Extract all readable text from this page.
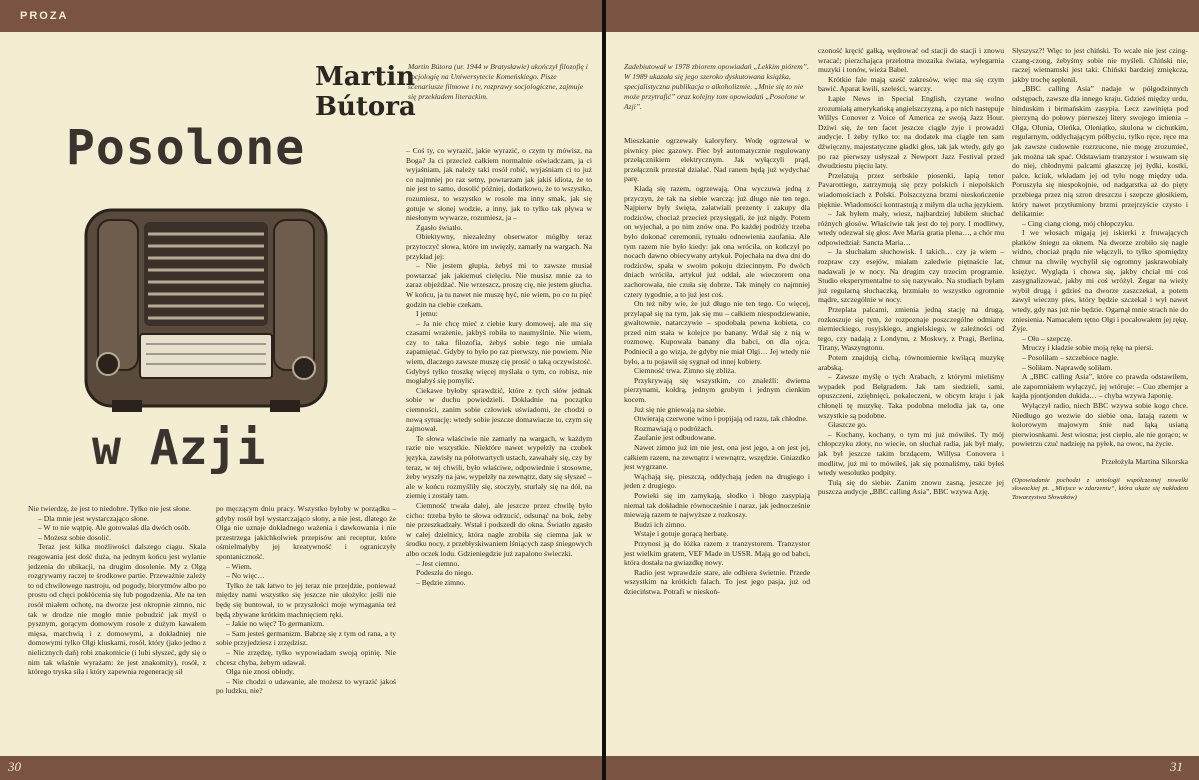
PROZA
Martin
Bútora
Martin Bútora (ur. 1944 w Bratysławie) ukończył filozofię i socjologię na Uniwersytecie Komeńskiego. Pisze scenariusze filmowe i tv, rozprawy socjologiczne, zajmuje się przekładem literackim.
Posolone
w Azji

Nie twierdzę, że jest to niedobre. Tylko nie jest słone.

– Dla mnie jest wystarczająco słone.

– W to nie wątpię. Ale gotowałaś dla dwóch osób.

– Możesz sobie dosolić.

Teraz jest kilka możliwości dalszego ciągu. Skala reagowania jest dość duża, na jednym końcu jest wylanie jedzenia do ubikacji, na drugim dosolenie. My z Olgą rozgrywamy raczej te środkowe partie. Przeważnie zależy to od chwilowego nastroju, od pogody, biorytmów albo po prostu od chęci pokłócenia się lub pogodzenia. Ale na ten rosół miałem ochotę, na dworze jest okropnie zimno, nic tak w drodze nie mogło mnie pobudzić jak myśl o pysznym, gorącym domowym rosole z dużym kawałem mięsa, marchwią i z domowymi, a dokładniej nie domowymi tylko Olgi kluskami, rosół, który (jako jedno z nielicznych dań) robi znakomicie (i lubi słyszeć, gdy się o nim tak właśnie wyrażam: że jest znakomity), rosół, z którego tryska siła i który zapewnia regenerację sił

po męczącym dniu pracy. Wszystko byłoby w porządku – gdyby rosół był wystarczająco słony, a nie jest, dlatego że Olga nie uznaje dokładnego ważenia i dawkowania i nie przestrzega jakichkolwiek przepisów ani receptur, które ośmielmałyby jej kreatywność i ograniczyły spontaniczność.

– Wiem.

– No więc…

Tylko że tak łatwo to jej teraz nie przejdzie, ponieważ między nami wszystko się jeszcze nie ułożyło: jeśli nie będę się buntował, to w przyszłości moje wymagania też będą zbywane krótkim machnięciem ręki.

– Jakie no więc? To germanizm.

– Sam jesteś germanizm. Babrzę się z tym od rana, a ty sobie przyjedziesz i zrzędzisz.

– Nie zrzędzę, tylko wypowiadam swoją opinię. Nie chcesz chyba, żebym udawał.

Olga nie znosi obłudy.

– Nie chodzi o udawanie, ale możesz to wyrazić jakoś po ludzku, nie?

– Coś ty, co wyrazić, jakie wyrazić, o czym ty mówisz, na Boga? Ja ci przecież całkiem normalnie oświadczam, ja ci wyjaśniam, jak należy taki rosół robić, wyjaśniam ci to już co najmniej po raz setny, powtarzam jak jakiś idiota, że to nie jest to samo, dosolić później, dodatkowo, że to wszystko, rozumiesz, to wszystko w rosole ma inny smak, jak się gotuje w słonej wodzie, a inny, jak to tylko tak pływa w niesłonym wywarze, rozumiesz, ja –

Zgasło światło.

Obiektywny, niezależny obserwator mógłby teraz przytoczyć słowa, które im uwięzły, zamarły na wargach. Na przykład jej:

– Nie jestem głupia, żebyś mi to zawsze musiał powtarzać jak jakiemuś cielęciu. Nie musisz mnie za to zaraz objeżdżać. Nie wrzeszcz, proszę cię, nie jestem głucha. W końcu, ja tu nawet nie muszę być, nie wiem, po co tu pięć godzin na ciebie czekam.

I jemu:

– Ja nie chcę mieć z ciebie kury domowej, ale ma się czasami wrażenie, jakbyś robiła to naumyślnie. Nie wiem, czy to taka filozofia, żebyś sobie tego nie umiała zapamiętać. Gdyby to było po raz pierwszy, nie powiem. Nie wiem, dlaczego zawsze muszę cię prosić o taką oczywistość. Gdybyś tylko troszkę więcej myślała o tym, co robisz, nie mogłabyś się pomylić.

Ciekawe byłoby sprawdzić, które z tych słów jednak sobie w duchu powiedzieli. Dokładnie na początku ciemności, zanim sobie człowiek uświadomi, że chodzi o nową sytuację: wtedy sobie jeszcze domawiacze to, czym się zajmował.

Te słowa właściwie nie zamarły na wargach, w każdym razie nie wszystkie. Niektóre nawet wypełzły na czubek języka, zawisły na półotwartych ustach, zawahały się, czy by teraz, w tej chwili, było właściwe, odpowiednie i stosowne, żeby wyszły na jaw, wypełzły na zewnątrz, daty się słyszeć – ale w końcu rozmyśliły się, stoczyły, sturlały się na dół, na ziemię i zostały tam.

Ciemność trwała dalej, ale jeszcze przez chwilę było cicho: trzeba było te słowa odrzucić, odsunąć na bok, żeby nie przeszkadzały. Wstał i podszedł do okna. Światło zgasło w całej dzielnicy, która nagle zrobiła się ciemna jak w środku nocy, z przebłyskiwaniem lśniących zasp śniegowych albo oczek lodu. Gdzieniegdzie już zapalono świeczki.

– Jest ciemno.

Podeszła do niego.

– Będzie zimno.

30
Zadebiutował w 1978 zbiorem opowiadań „Lekkim piórem”. W 1989 ukazała się jego szeroko dyskutowana książka, specjalistyczna publikacja o alkoholizmie. „Mnie się to nie może przytrafić” oraz kolejny tom opowiadań „Posolone w Azji”.

Mieszkanie ogrzewały kaloryfery. Wodę ogrzewał w piwnicy piec gazowy. Piec był automatycznie regulowany przełącznikiem elektrycznym. Jak wyłączyli prąd, przełącznik przestał działać. Nad ranem będą już wydychać parę.

Kładą się razem, ogrzewają. Ona wyczuwa jedną z przyczyn, że tak na siebie warczą: już długo nie ten tego. Najpierw były święta, załatwiali prezenty i zakupy dla rodziców, chociaż przecież przysięgali, że już nigdy. Potem on wyjechał, a po nim znów ona. Po każdej podróży trzeba było dokonać ceremonii, rytuału odnowienia zaufania. Ale tym razem nie było kiedy: jak ona wróciła, on kończył po nocach dawno obiecywany artykuł. Pojechała na dwa dni do rodziców, spała w swoim pokoju dziecinnym. Po dwóch dniach wróciła, artykuł już oddał, ale wieczorem ona zachorowała, nie czuła się dobrze. Tak minęły co najmniej cztery tygodnie, a to już jest coś.

On też niby wie, że już długo nie ten tego. Co więcej, przylapał się na tym, jak się mu – całkiem niespodziewanie, gwałtownie, natarczywie – spodobała pewna kobieta, co przed nim stała w kolejce po banany. Wdał się z nią w rozmowę. Kupowała banany dla babci, on dla ojca. Podniecił a go wizja, że gdyby nie miał Olgi… Jej wtedy nie było, a tu pojawił się sygnał od innej kobiety.

Ciemność trwa. Zimno się zbliża.

Przykrywają się wszystkim, co znaleźli: dwiema pierzynami, kołdrą, jednym grubym i jednym cienkim kocem.

Już się nie gniewają na siebie.

Otwierają czerwone wino i popijają od razu, tak chłodne.

Rozmawiają o podróżach.

Zaufanie jest odbudowane.

Nawet zimno już im nie jest, ona jest jego, a on jest jej, całkiem razem, na zewnątrz i wewnątrz, wszędzie. Gniazdko jest wygrzane.

Wąchają się, pieszczą, oddychają jeden na drugiego i jeden z drugiego.

Powieki się im zamykają, słodko i błogo zasypiają niemal tak dokładnie równocześnie i naraz, jak jednocześnie miewają razem te najwyższe z rozkoszy.

Budzi ich zimno.

Wstaje i gotuje gorącą herbatę.

Przynosi ją do łóżka razem z tranzystorem. Tranzystor jest wielkim gratem, VEF Made in USSR. Mają go od babci, która dostała na gwiazdkę nowy.

Radio jest wprawdzie stare, ale odbiera świetnie. Przede wszystkim na krótkich falach. To jest jego pasja, już od dzieciństwa. Potrafi w nieskoń-

czoność kręcić gałką, wędrować od stacji do stacji i znowu wracać; pierzchająca przelotna mozaika świata, wyłegarnia muzyki i tonów, wieża Babel.

Krótkie fale mają sześć zakresów, więc ma się czym bawić. Aparat kwili, szeleści, warczy.

Łapie News in Special English, czytane wolno zrozumiałą amerykańską angielszczyzną, a po nich następuje Willys Conover z Voice of America ze swoją Jazz Hour. Dziwi się, że ten facet jeszcze ciągle żyje i prowadzi audycje. I żeby tylko to: na dodatek ma ciągle ten sam dźwięczny, majestatyczne gładki głos, tak jak wtedy, gdy go po raz pierwszy usłyszał z Newport Jazz Festival przed dwudziestu pięciu laty.

Przelatują przez serbskie piosenki, łapią tenor Pavarottiego, zatrzymują się przy polskich i niepolskich wiadomościach z Polski. Polszczyzna brzmi nieskończenie pięknie. Wiadomości kontrastują z miłym dla ucha językiem.

– Jak byłem mały, wiesz, najbardziej lubiłem słuchać różnych głosów. Właściwie tak jest do tej pory. I modlitwy, wtedy odezwał się głos: Ave Maria gratia plena…, a chór mu odpowiedział: Sancta Maria…

– Ja słuchałam słuchowisk. I takich… czy ja wiem – rozpraw czy esejów, miałam zaledwie piętnaście lat, nadawali je w nocy. Na drugim czy trzecim programie. Studio eksperymentalne to się nazywało. Na studiach byłam już regularną słuchaczką, brzmiało to wszystko ogromnie mądre, szczególnie w nocy.

Przeplata palcami, zmienia jedną stację na drugą, rozkoszuje się tym, że rozpoznaje poszczególne odmiany niemieckiego, rosyjskiego, angielskiego, w zależności od tego, czy nadają z Londynu, z Moskwy, z Pragi, Berlina, Tirany, Waszyngtonu.

Potem znajdują cichą, równomiernie kwilącą muzykę arabską.

– Zawsze myślę o tych Arabach, z którymi mieliśmy wypadek pod Belgradem. Jak tam siedzieli, sami, opuszczeni, zziębnięci, pokaleczeni, w obcym kraju i jak chłonęli tę muzykę. Taka podobna melodia jak ta, one wszystkie są podobne.

Głaszcze go.

– Kochany, kochany, o tym mi już mówiłeś. Ty mój chłopczyku złoty, no wiecie, on słuchał radia, jak był mały, jak był jeszcze takim brzdącem, Willysa Conovera i modlitw, już mi to mówiłeś, jak się poznaliśmy, taki byłeś wtedy wesolutko podpity.

Tulą się do siebie. Zanim znowu zasną, jeszcze jej puszcza audycje „BBC calling Asia”, BBC wzywa Azję.

Słyszysz?! Więc to jest chiński. To wcale nie jest czing-czang-czong, żebyśmy sobie nie myśleli. Chiński nie, raczej wietnamski jest taki. Chiński bardziej zmiękcza, jakby trochę seplenił.

„BBC calling Asia” nadaje w półgodzinnych odstępach, zawsze dla innego kraju. Gdzieś między urdu, hinduskim i birmańskim zasypia. Lecz zawinięta pod pierzyną do połowy pierwszej litery swojego imienia – Olga, Olunia, Oleńka, Oleniątko, skulona w cichutkim, regularnym, oddychającym półbyciu, tylko ręce, ręce ma jak zawsze cudownie rozrzucone, nie mogę zrozumieć, jak można tak spać. Odstawiam tranzystor i wsuwam się do niej, chłodnymi palcami głaszczę jej łydki, kostki, palce, kciuk, wkładam jej od tyłu nogę między uda. Poruszyła się niespokojnie, od nadgarstka aż do pięty przebiega przez nią szron dreszczu i szepcze głosikiem, który nawet przytłumiony brzmi przejrzyście czysto i delikatnie:

– Cing ciang ciong, mój chłopczyku.

I we włosach migają jej iskierki z fruwających płatków śniegu za oknem. Na dworze zrobiło się nagle widno, chociaż prądu nie włączyli, to tylko spomiędzy chmur na chwilę wychylił się ogromny jaskrawobiały księżyc. Wygląda i chowa się, jakby chciał mi coś zasygnalizować, jakby mi coś wróżył. Żegar na wieży wybił drugą i gdzieś na dworze zaszczekał, a potem zawył wieczny pies, który będzie szczekał i wył nawet wtedy, gdy nas już nie będzie. Ogarnął mnie strach nie do zniesienia. Namacałem tętno Olgi i pocałowałem jej rękę. Żyje.

– Ołu – szepczę.

Mruczy i kładzie sobie moją rękę na piersi.

– Posoliłam – szczebioce nagle.

– Soliłam. Naprawdę soliłam.

A „BBC calling Asia”, które co prawda odstawiłem, ale zapomniałem wyłączyć, jej wtóruje: – Cuo zbemjer a kajda pjontjonden dukida… – chyba wzywa Japonię.

Wyłączył radio, niech BBC wzywa sobie kogo chce. Niedługo go wezwie do siebie ona, latają razem w kolorowym majowym śnie nad łąką usianą pierwiosnkami. Jest wiosna; jest ciepło, ale nie gorąco; w powietrzu czuć nadzieję na pyłek, na owoc, na życie.

Przełożyła Martina Sikorska

(Opowiadanie pochodzi z antologii współczesnej nowelki słowackiej pt. „Miejsce w zdarzeniu”, która ukaże się nakładem Towarzystwa Słowaków)

31
